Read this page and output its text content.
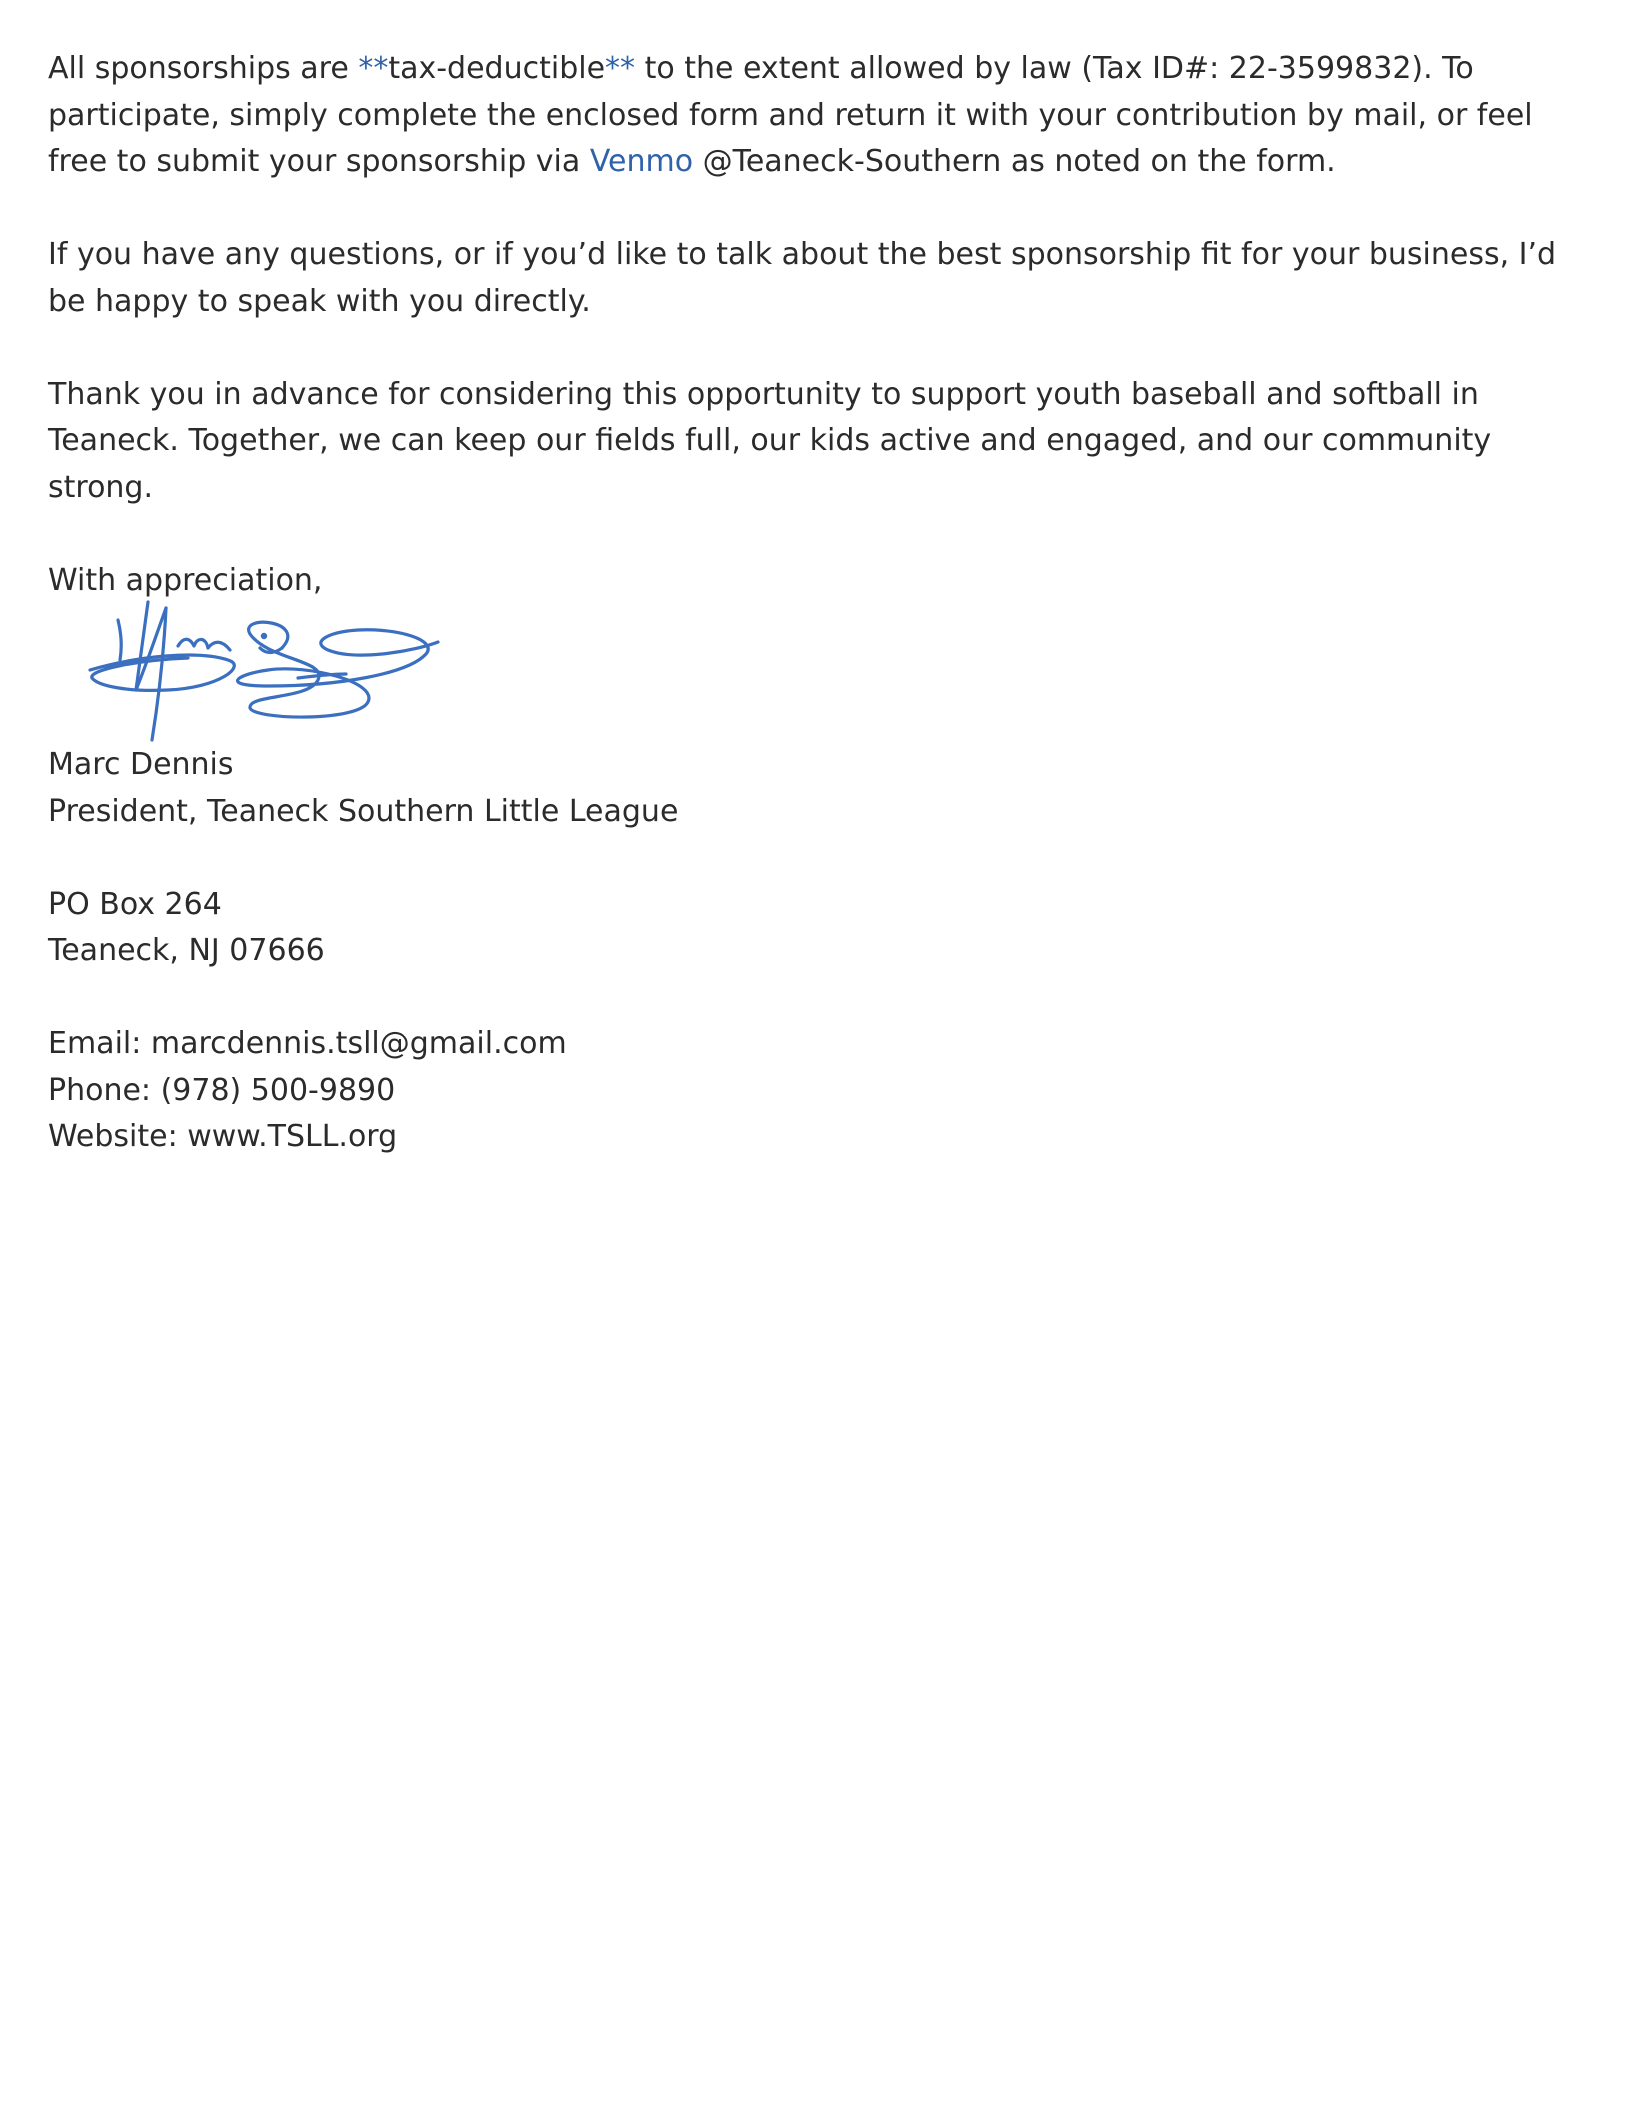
All sponsorships are **tax-deductible** to the extent allowed by law (Tax ID#: 22-3599832). To participate, simply complete the enclosed form and return it with your contribution by mail, or feel free to submit your sponsorship via Venmo @Teaneck-Southern as noted on the form.

If you have any questions, or if you’d like to talk about the best sponsorship fit for your business, I’d be happy to speak with you directly.

Thank you in advance for considering this opportunity to support youth baseball and softball in Teaneck. Together, we can keep our fields full, our kids active and engaged, and our community strong.

With appreciation,

Marc Dennis
President, Teaneck Southern Little League
PO Box 264
Teaneck, NJ 07666
Email: marcdennis.tsll@gmail.com
Phone: (978) 500-9890
Website: www.TSLL.org
